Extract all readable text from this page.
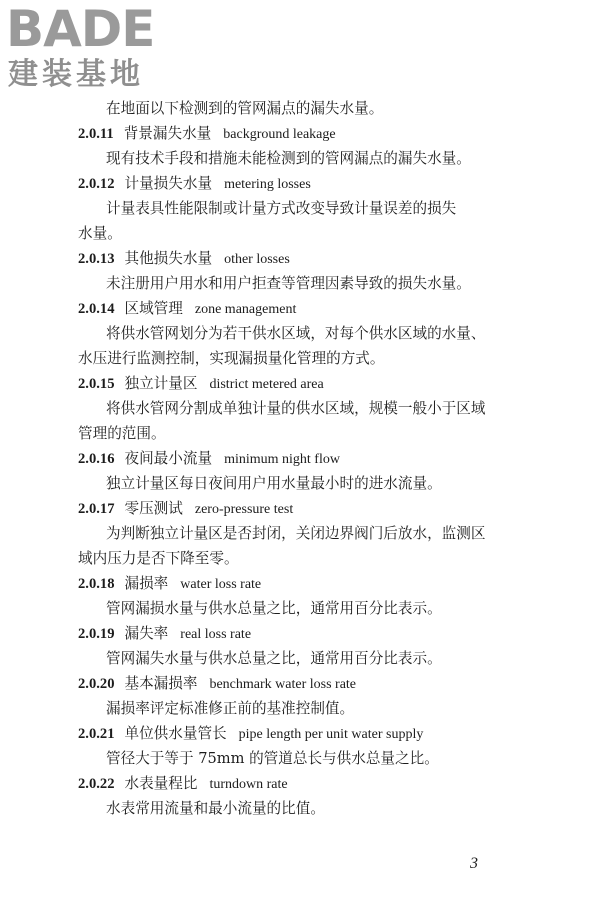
BADE
建装基地
在地面以下检测到的管网漏点的漏失水量。
2.0.11 背景漏失水量 background leakage
现有技术手段和措施未能检测到的管网漏点的漏失水量。
2.0.12 计量损失水量 metering losses
计量表具性能限制或计量方式改变导致计量误差的损失
水量。
2.0.13 其他损失水量 other losses
未注册用户用水和用户拒查等管理因素导致的损失水量。
2.0.14 区域管理 zone management
将供水管网划分为若干供水区域，对每个供水区域的水量、
水压进行监测控制，实现漏损量化管理的方式。
2.0.15 独立计量区 district metered area
将供水管网分割成单独计量的供水区域，规模一般小于区域
管理的范围。
2.0.16 夜间最小流量 minimum night flow
独立计量区每日夜间用户用水量最小时的进水流量。
2.0.17 零压测试 zero-pressure test
为判断独立计量区是否封闭，关闭边界阀门后放水，监测区
域内压力是否下降至零。
2.0.18 漏损率 water loss rate
管网漏损水量与供水总量之比，通常用百分比表示。
2.0.19 漏失率 real loss rate
管网漏失水量与供水总量之比，通常用百分比表示。
2.0.20 基本漏损率 benchmark water loss rate
漏损率评定标准修正前的基准控制值。
2.0.21 单位供水量管长 pipe length per unit water supply
管径大于等于 75mm 的管道总长与供水总量之比。
2.0.22 水表量程比 turndown rate
水表常用流量和最小流量的比值。
3
